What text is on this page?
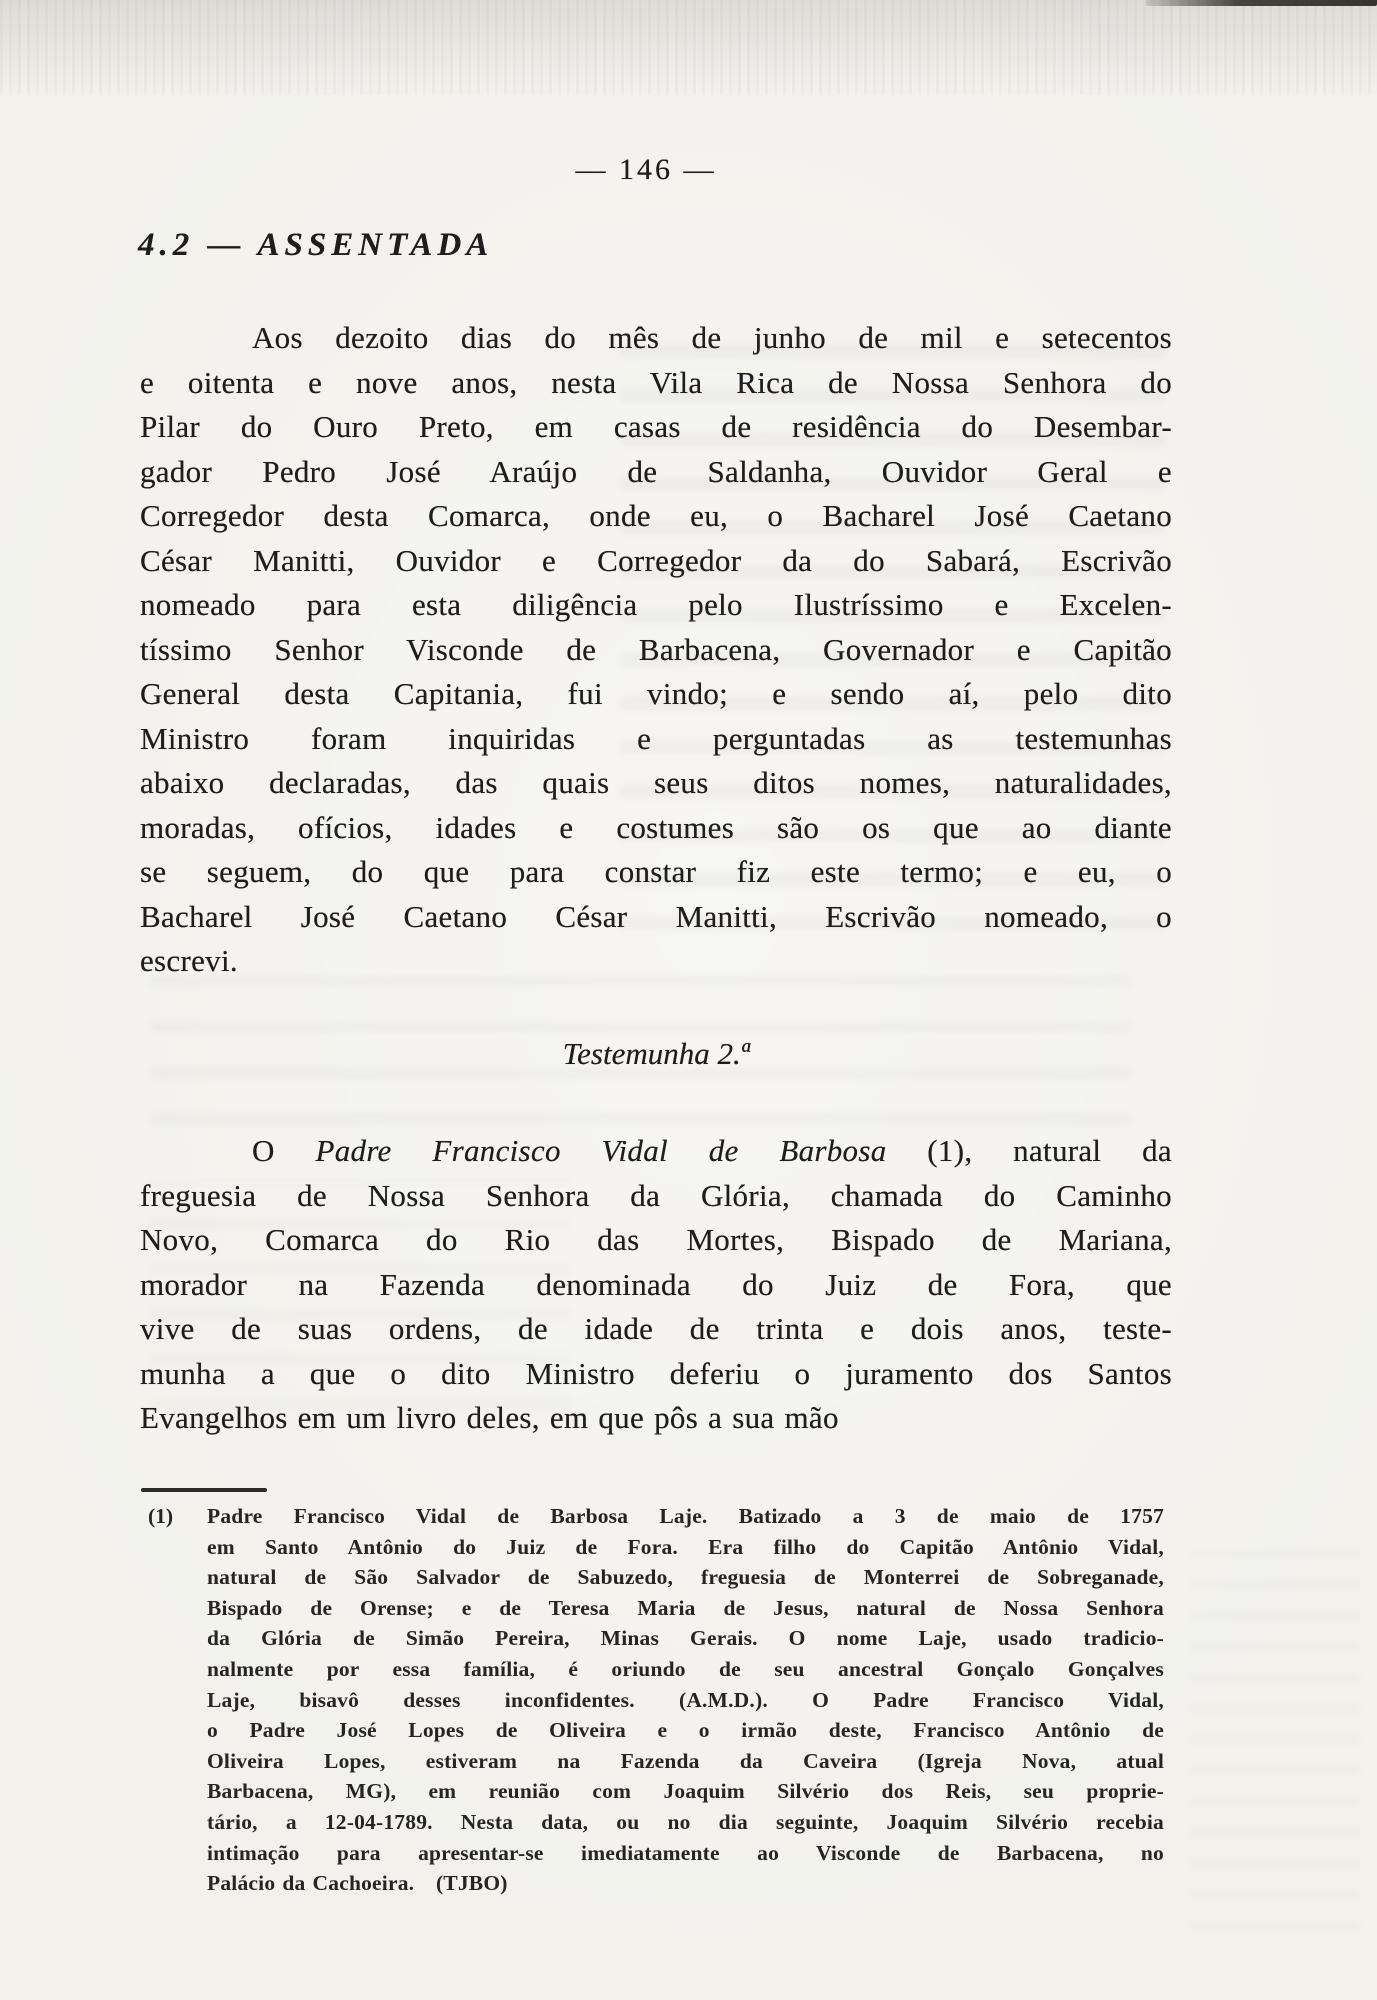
— 146 —
4.2 — ASSENTADA
Aos dezoito dias do mês de junho de mil e setecentos
e oitenta e nove anos, nesta Vila Rica de Nossa Senhora do
Pilar do Ouro Preto, em casas de residência do Desembar-
gador Pedro José Araújo de Saldanha, Ouvidor Geral e
Corregedor desta Comarca, onde eu, o Bacharel José Caetano
César Manitti, Ouvidor e Corregedor da do Sabará, Escrivão
nomeado para esta diligência pelo Ilustríssimo e Excelen-
tíssimo Senhor Visconde de Barbacena, Governador e Capitão
General desta Capitania, fui vindo; e sendo aí, pelo dito
Ministro foram inquiridas e perguntadas as testemunhas
abaixo declaradas, das quais seus ditos nomes, naturalidades,
moradas, ofícios, idades e costumes são os que ao diante
se seguem, do que para constar fiz este termo; e eu, o
Bacharel José Caetano César Manitti, Escrivão nomeado, o
escrevi.
Testemunha 2.ª
O Padre Francisco Vidal de Barbosa (1), natural da
freguesia de Nossa Senhora da Glória, chamada do Caminho
Novo, Comarca do Rio das Mortes, Bispado de Mariana,
morador na Fazenda denominada do Juiz de Fora, que
vive de suas ordens, de idade de trinta e dois anos, teste-
munha a que o dito Ministro deferiu o juramento dos Santos
Evangelhos em um livro deles, em que pôs a sua mão
(1) Padre Francisco Vidal de Barbosa Laje. Batizado a 3 de maio de 1757
em Santo Antônio do Juiz de Fora. Era filho do Capitão Antônio Vidal,
natural de São Salvador de Sabuzedo, freguesia de Monterrei de Sobreganade,
Bispado de Orense; e de Teresa Maria de Jesus, natural de Nossa Senhora
da Glória de Simão Pereira, Minas Gerais. O nome Laje, usado tradicio-
nalmente por essa família, é oriundo de seu ancestral Gonçalo Gonçalves
Laje, bisavô desses inconfidentes. (A.M.D.). O Padre Francisco Vidal,
o Padre José Lopes de Oliveira e o irmão deste, Francisco Antônio de
Oliveira Lopes, estiveram na Fazenda da Caveira (Igreja Nova, atual
Barbacena, MG), em reunião com Joaquim Silvério dos Reis, seu proprie-
tário, a 12-04-1789. Nesta data, ou no dia seguinte, Joaquim Silvério recebia
intimação para apresentar-se imediatamente ao Visconde de Barbacena, no
Palácio da Cachoeira. (TJBO)
